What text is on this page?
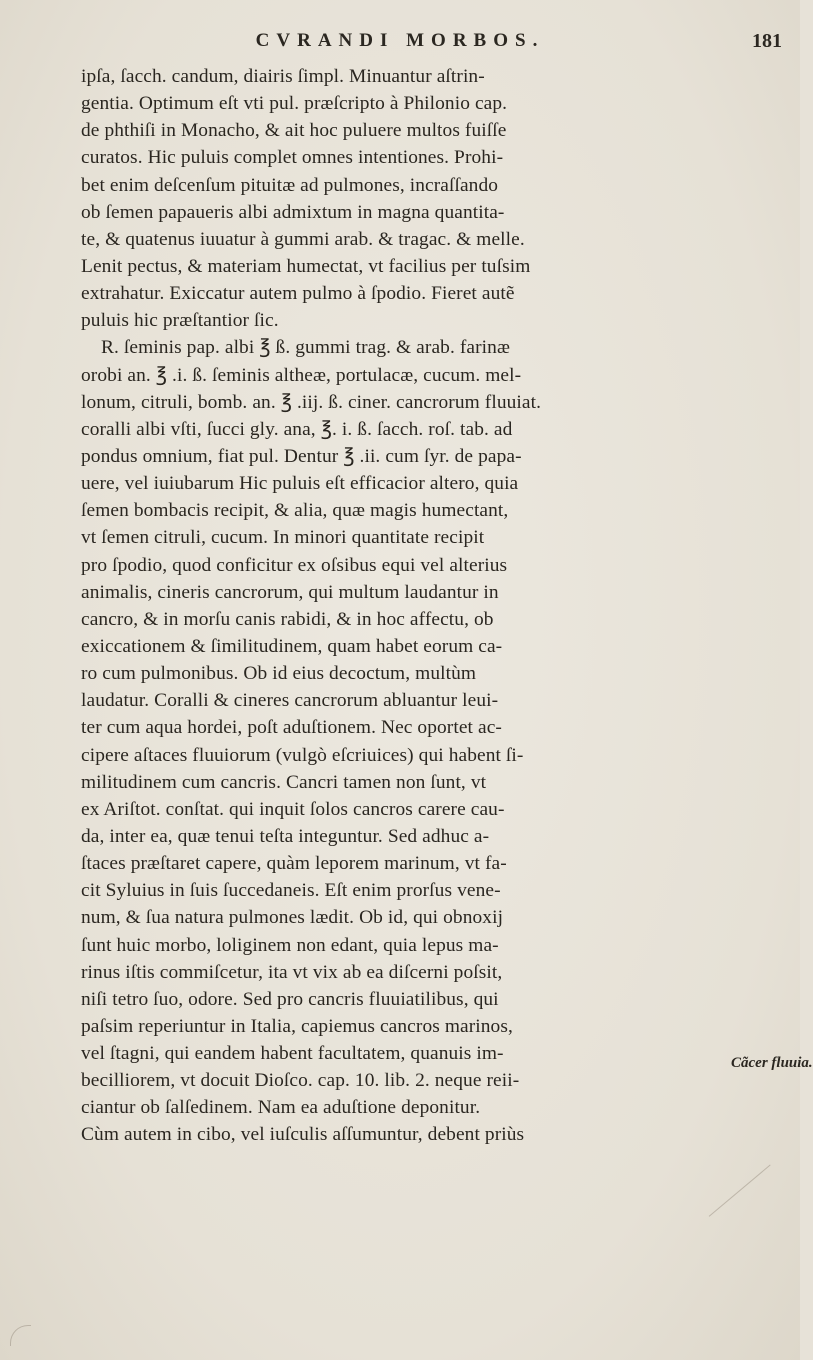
CVRANDI MORBOS.	181
ipſa, ſacch. candum, diairis ſimpl. Minuantur aſtrin-
gentia. Optimum eſt vti pul. præſcripto à Philonio cap.
de phthiſi in Monacho, & ait hoc puluere multos fuiſſe
curatos. Hic puluis complet omnes intentiones. Prohi-
bet enim deſcenſum pituitæ ad pulmones, incraſſando
ob ſemen papaueris albi admixtum in magna quantita-
te, & quatenus iuuatur à gummi arab. & tragac. & melle.
Lenit pectus, & materiam humectat, vt facilius per tuſsim
extrahatur. Exiccatur autem pulmo à ſpodio. Fieret autẽ
puluis hic præſtantior ſic.
R. ſeminis pap. albi ℥ ß. gummi trag. & arab. farinæ
orobi an. ℥ .i. ß. ſeminis altheæ, portulacæ, cucum. mel-
lonum, citruli, bomb. an. ℥ .iij. ß. ciner. cancrorum fluuiat.
coralli albi vſti, ſucci gly. ana, ℥. i. ß. ſacch. roſ. tab. ad
pondus omnium, fiat pul. Dentur ℥ .ii. cum ſyr. de papa-
uere, vel iuiubarum Hic puluis eſt efficacior altero, quia
ſemen bombacis recipit, & alia, quæ magis humectant,
vt ſemen citruli, cucum. In minori quantitate recipit
pro ſpodio, quod conficitur ex oſsibus equi vel alterius
animalis, cineris cancrorum, qui multum laudantur in
cancro, & in morſu canis rabidi, & in hoc affectu, ob
exiccationem & ſimilitudinem, quam habet eorum ca-
ro cum pulmonibus. Ob id eius decoctum, multùm
laudatur. Coralli & cineres cancrorum abluantur leui-
ter cum aqua hordei, poſt aduſtionem. Nec oportet ac-
cipere aſtaces fluuiorum (vulgò eſcriuices) qui habent ſi-
militudinem cum cancris. Cancri tamen non ſunt, vt
ex Ariſtot. conſtat. qui inquit ſolos cancros carere cau-
da, inter ea, quæ tenui teſta integuntur. Sed adhuc a-
ſtaces præſtaret capere, quàm leporem marinum, vt fa-
cit Syluius in ſuis ſuccedaneis. Eſt enim prorſus vene-
num, & ſua natura pulmones lædit. Ob id, qui obnoxij
ſunt huic morbo, loliginem non edant, quia lepus ma-
rinus iſtis commiſcetur, ita vt vix ab ea diſcerni poſsit,
niſi tetro ſuo, odore. Sed pro cancris fluuiatilibus, qui
paſsim reperiuntur in Italia, capiemus cancros marinos,
vel ſtagni, qui eandem habent facultatem, quanuis im-
becilliorem, vt docuit Dioſco. cap. 10. lib. 2. neque reii-
ciantur ob ſalſedinem. Nam ea aduſtione deponitur.
Cùm autem in cibo, vel iuſculis aſſumuntur, debent priùs
Cãcer fluuia.
